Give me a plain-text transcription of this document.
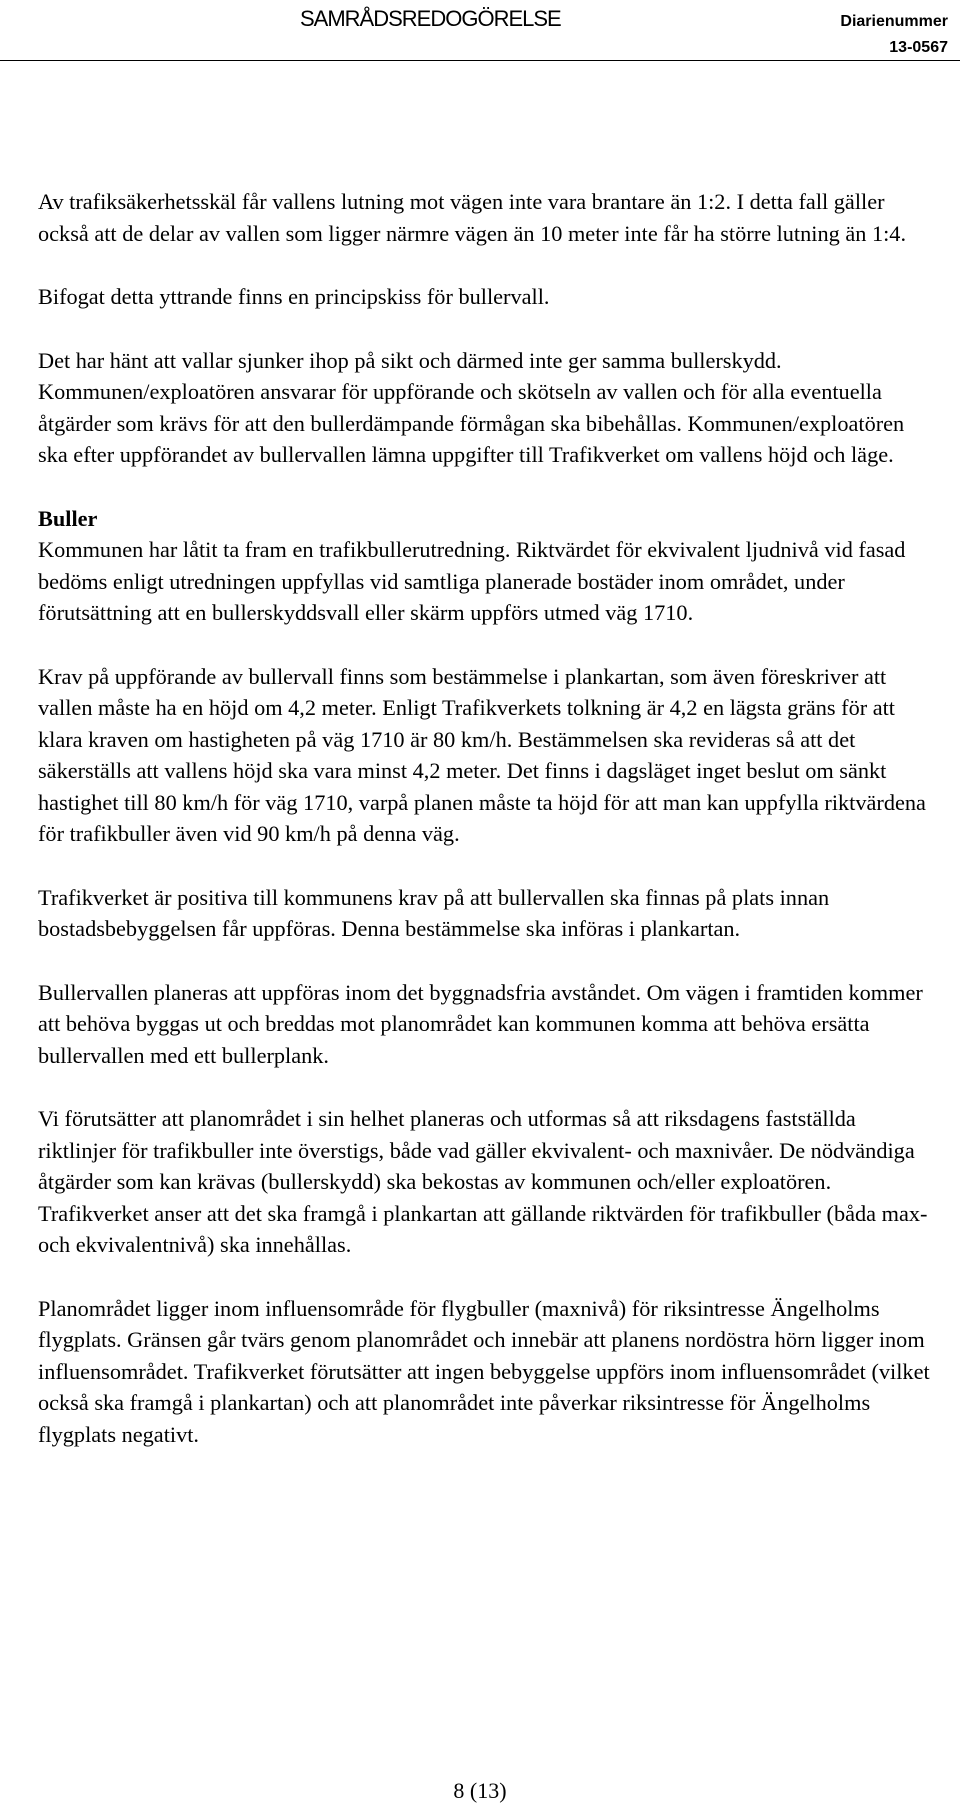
SAMRÅDSREDOGÖRELSE	Diarienummer
13-0567

Av trafiksäkerhetsskäl får vallens lutning mot vägen inte vara brantare än 1:2. I detta fall gäller också att de delar av vallen som ligger närmre vägen än 10 meter inte får ha större lutning än 1:4.

Bifogat detta yttrande finns en principskiss för bullervall.

Det har hänt att vallar sjunker ihop på sikt och därmed inte ger samma bullerskydd. Kommunen/exploatören ansvarar för uppförande och skötseln av vallen och för alla eventuella åtgärder som krävs för att den bullerdämpande förmågan ska bibehållas. Kommunen/exploatören ska efter uppförandet av bullervallen lämna uppgifter till Trafikverket om vallens höjd och läge.

Buller

Kommunen har låtit ta fram en trafikbullerutredning. Riktvärdet för ekvivalent ljudnivå vid fasad bedöms enligt utredningen uppfyllas vid samtliga planerade bostäder inom området, under förutsättning att en bullerskyddsvall eller skärm uppförs utmed väg 1710.

Krav på uppförande av bullervall finns som bestämmelse i plankartan, som även föreskriver att vallen måste ha en höjd om 4,2 meter. Enligt Trafikverkets tolkning är 4,2 en lägsta gräns för att klara kraven om hastigheten på väg 1710 är 80 km/h. Bestämmelsen ska revideras så att det säkerställs att vallens höjd ska vara minst 4,2 meter. Det finns i dagsläget inget beslut om sänkt hastighet till 80 km/h för väg 1710, varpå planen måste ta höjd för att man kan uppfylla riktvärdena för trafikbuller även vid 90 km/h på denna väg.

Trafikverket är positiva till kommunens krav på att bullervallen ska finnas på plats innan bostadsbebyggelsen får uppföras. Denna bestämmelse ska införas i plankartan.

Bullervallen planeras att uppföras inom det byggnadsfria avståndet. Om vägen i framtiden kommer att behöva byggas ut och breddas mot planområdet kan kommunen komma att behöva ersätta bullervallen med ett bullerplank.

Vi förutsätter att planområdet i sin helhet planeras och utformas så att riksdagens fastställda riktlinjer för trafikbuller inte överstigs, både vad gäller ekvivalent- och maxnivåer. De nödvändiga åtgärder som kan krävas (bullerskydd) ska bekostas av kommunen och/eller exploatören. Trafikverket anser att det ska framgå i plankartan att gällande riktvärden för trafikbuller (båda max- och ekvivalentnivå) ska innehållas.

Planområdet ligger inom influensområde för flygbuller (maxnivå) för riksintresse Ängelholms flygplats. Gränsen går tvärs genom planområdet och innebär att planens nordöstra hörn ligger inom influensområdet. Trafikverket förutsätter att ingen bebyggelse uppförs inom influensområdet (vilket också ska framgå i plankartan) och att planområdet inte påverkar riksintresse för Ängelholms flygplats negativt.

8 (13)
